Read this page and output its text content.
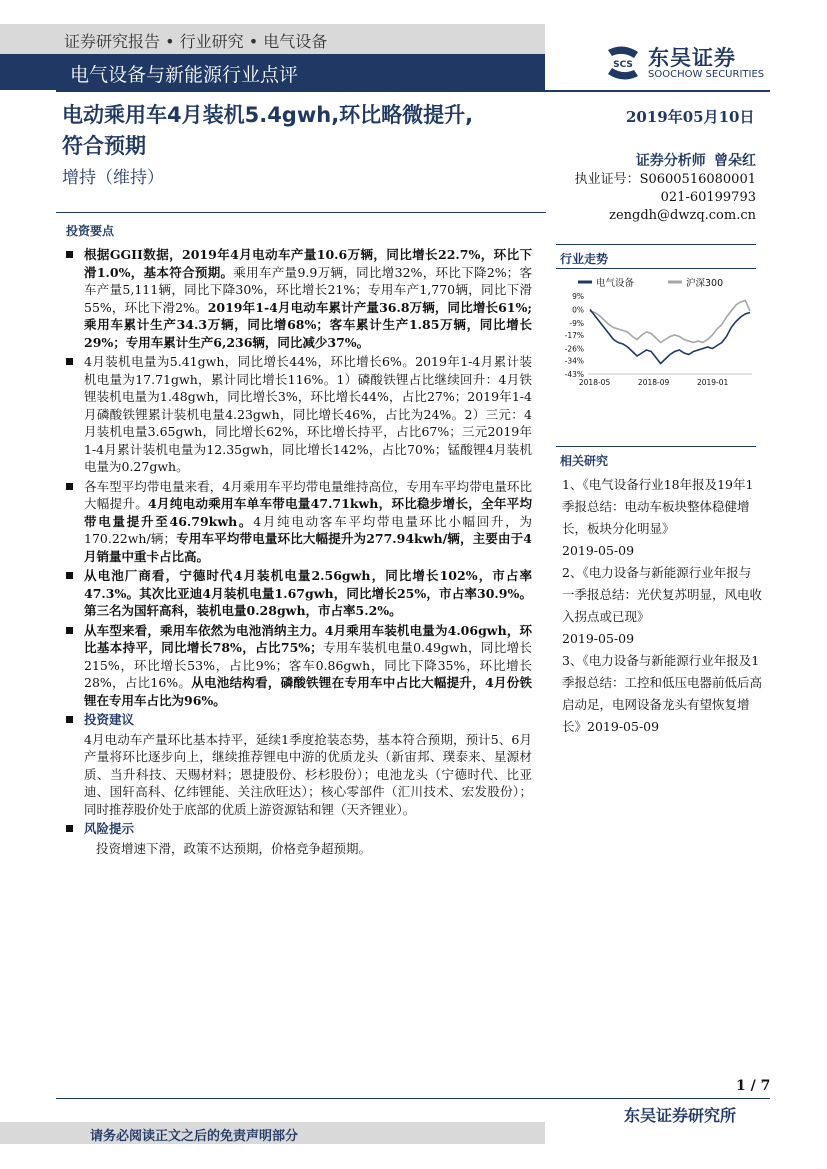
证券研究报告 • 行业研究 • 电气设备
电气设备与新能源行业点评	SCS 东吴证券
SOOCHOW SECURITIES
电动乘用车4月装机5.4gwh,环比略微提升,
符合预期
2019年05月10日
增持（维持）
证券分析师 曾朵红
执业证号：S0600516080001
021-60199793
zengdh@dwzq.com.cn
投资要点

根据GGII数据，2019年4月电动车产量10.6万辆，同比增长22.7%，环比下滑1.0%，基本符合预期。乘用车产量9.9万辆，同比增32%，环比下降2%；客车产量5,111辆，同比下降30%，环比增长21%；专用车产1,770辆，同比下滑55%，环比下滑2%。2019年1-4月电动车累计产量36.8万辆，同比增长61%;乘用车累计生产34.3万辆，同比增68%；客车累计生产1.85万辆，同比增长29%；专用车累计生产6,236辆，同比减少37%。

4月装机电量为5.41gwh，同比增长44%，环比增长6%。2019年1-4月累计装机电量为17.71gwh，累计同比增长116%。1）磷酸铁锂占比继续回升：4月铁锂装机电量为1.48gwh，同比增长3%，环比增长44%，占比27%；2019年1-4月磷酸铁锂累计装机电量4.23gwh，同比增长46%，占比为24%。2）三元：4月装机电量3.65gwh，同比增长62%，环比增长持平，占比67%；三元2019年1-4月累计装机电量为12.35gwh，同比增长142%，占比70%；锰酸锂4月装机电量为0.27gwh。

各车型平均带电量来看，4月乘用车平均带电量维持高位，专用车平均带电量环比大幅提升。4月纯电动乘用车单车带电量47.71kwh，环比稳步增长，全年平均带电量提升至46.79kwh。4月纯电动客车平均带电量环比小幅回升，为170.22wh/辆；专用车平均带电量环比大幅提升为277.94kwh/辆，主要由于4月销量中重卡占比高。

从电池厂商看，宁德时代4月装机电量2.56gwh，同比增长102%，市占率47.3%。其次比亚迪4月装机电量1.67gwh，同比增长25%，市占率30.9%。第三名为国轩高科，装机电量0.28gwh，市占率5.2%。

从车型来看，乘用车依然为电池消纳主力。4月乘用车装机电量为4.06gwh，环比基本持平，同比增长78%，占比75%；专用车装机电量0.49gwh，同比增长215%，环比增长53%，占比9%；客车0.86gwh，同比下降35%，环比增长28%，占比16%。从电池结构看，磷酸铁锂在专用车中占比大幅提升，4月份铁锂在专用车占比为96%。

投资建议

4月电动车产量环比基本持平，延续1季度抢装态势，基本符合预期，预计5、6月产量将环比逐步向上，继续推荐锂电中游的优质龙头（新宙邦、璞泰来、星源材质、当升科技、天赐材料；恩捷股份、杉杉股份）；电池龙头（宁德时代、比亚迪、国轩高科、亿纬锂能、关注欣旺达）；核心零部件（汇川技术、宏发股份）；同时推荐股价处于底部的优质上游资源钴和锂（天齐锂业）。

风险提示

投资增速下滑，政策不达预期，价格竞争超预期。

行业走势
电气设备	沪深300
9%
0%
-9%
-17%
-26%
-34%
-43%
2018-05	2018-09	2019-01
相关研究

1、《电气设备行业18年报及19年1季报总结：电动车板块整体稳健增长，板块分化明显》

2019-05-09

2、《电力设备与新能源行业年报与一季报总结：光伏复苏明显，风电收入拐点或已现》

2019-05-09

3、《电力设备与新能源行业年报及1季报总结：工控和低压电器前低后高启动足，电网设备龙头有望恢复增长》2019-05-09

1 / 7
东吴证券研究所
请务必阅读正文之后的免责声明部分
